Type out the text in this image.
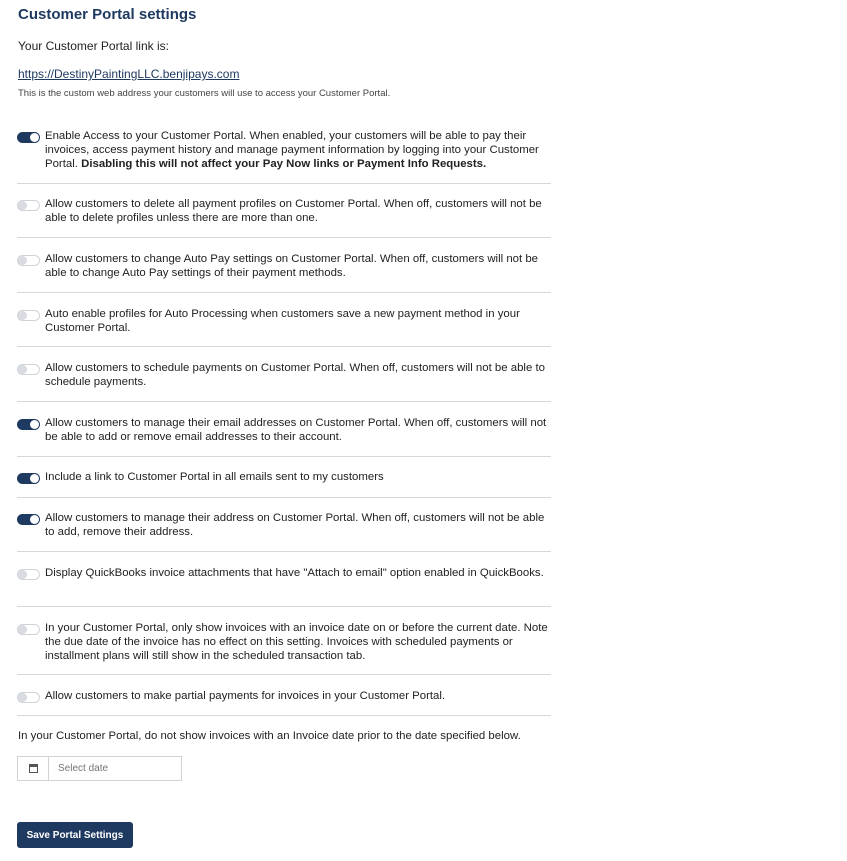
Customer Portal settings
Your Customer Portal link is:
https://DestinyPaintingLLC.benjipays.com
This is the custom web address your customers will use to access your Customer Portal.
Enable Access to your Customer Portal. When enabled, your customers will be able to pay their invoices, access payment history and manage payment information by logging into your Customer Portal. Disabling this will not affect your Pay Now links or Payment Info Requests.
Allow customers to delete all payment profiles on Customer Portal. When off, customers will not be able to delete profiles unless there are more than one.
Allow customers to change Auto Pay settings on Customer Portal. When off, customers will not be able to change Auto Pay settings of their payment methods.
Auto enable profiles for Auto Processing when customers save a new payment method in your Customer Portal.
Allow customers to schedule payments on Customer Portal. When off, customers will not be able to schedule payments.
Allow customers to manage their email addresses on Customer Portal. When off, customers will not be able to add or remove email addresses to their account.
Include a link to Customer Portal in all emails sent to my customers
Allow customers to manage their address on Customer Portal. When off, customers will not be able to add, remove their address.
Display QuickBooks invoice attachments that have "Attach to email" option enabled in QuickBooks.
In your Customer Portal, only show invoices with an invoice date on or before the current date. Note the due date of the invoice has no effect on this setting. Invoices with scheduled payments or installment plans will still show in the scheduled transaction tab.
Allow customers to make partial payments for invoices in your Customer Portal.
In your Customer Portal, do not show invoices with an Invoice date prior to the date specified below.
Select date
Save Portal Settings
